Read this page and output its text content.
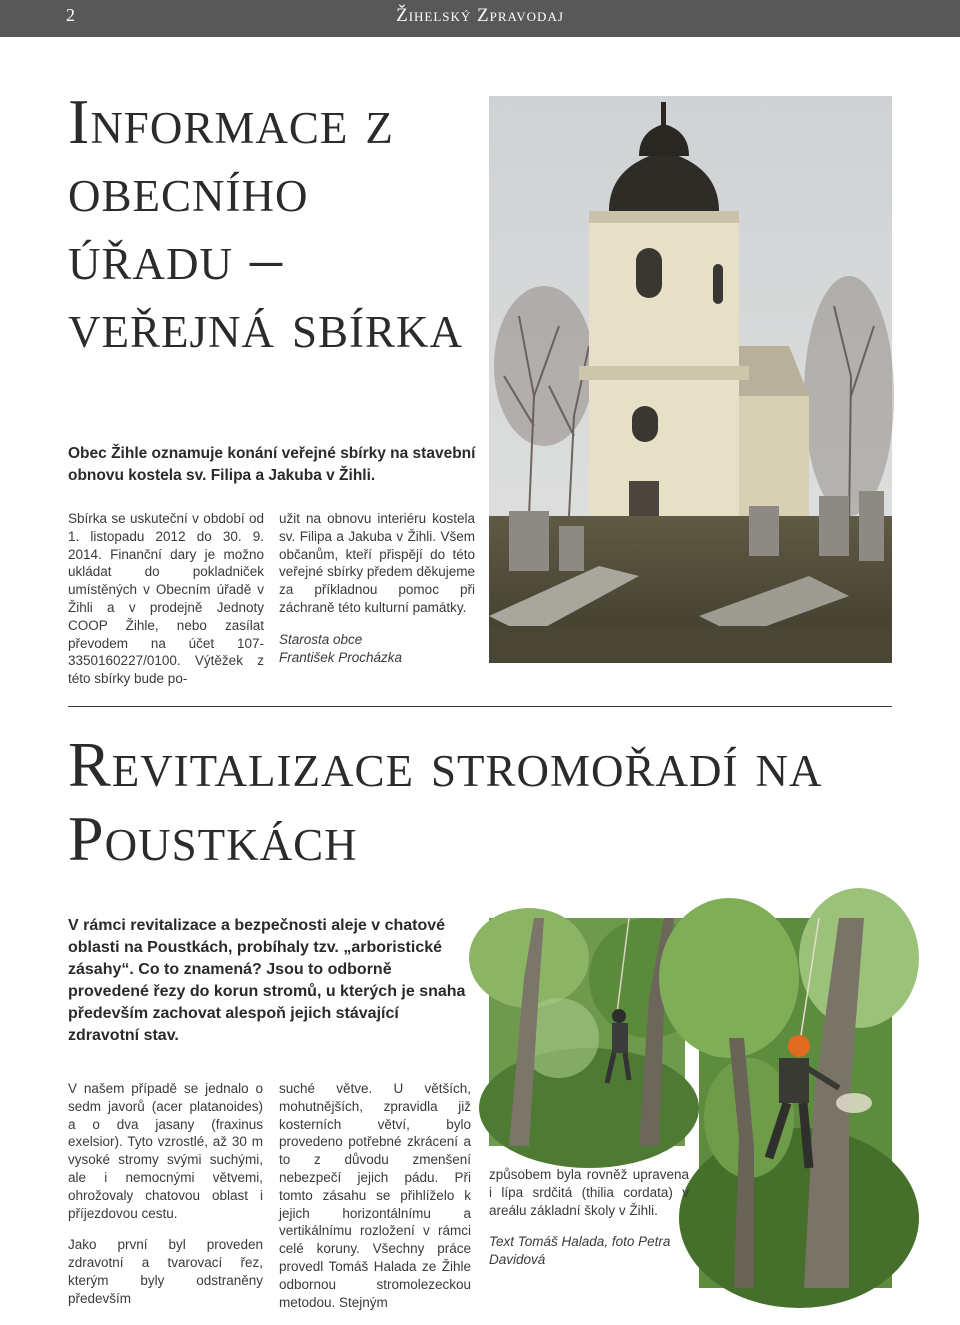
2	Žihelský Zpravodaj
Informace z obecního úřadu – veřejná sbírka

Obec Žihle oznamuje konání veřejné sbírky na stavební obnovu kostela sv. Filipa a Jakuba v Žihli.

Sbírka se uskuteční v období od 1. listopadu 2012 do 30. 9. 2014. Finanční dary je možno ukládat do pokladniček umístěných v Obecním úřadě v Žihli a v prodejně Jednoty COOP Žihle, nebo zasílat převodem na účet 107-3350160227/0100. Výtěžek z této sbírky bude po-

užit na obnovu interiéru kostela sv. Filipa a Jakuba v Žihli. Všem občanům, kteří přispějí do této veřejné sbírky předem děkujeme za příkladnou pomoc při záchraně této kulturní památky.

Starosta obce
František Procházka

Revitalizace stromořadí na Poustkách

V rámci revitalizace a bezpečnosti aleje v chatové oblasti na Poustkách, probíhaly tzv. „arboristické zásahy“. Co to znamená? Jsou to odborně provedené řezy do korun stromů, u kterých je snaha především zachovat alespoň jejich stávající zdravotní stav.

V našem případě se jednalo o sedm javorů (acer platanoides) a o dva jasany (fraxinus exelsior). Tyto vzrostlé, až 30 m vysoké stromy svými suchými, ale i nemocnými větvemi, ohrožovaly chatovou oblast i příjezdovou cestu.

Jako první byl proveden zdravotní a tvarovací řez, kterým byly odstraněny především

suché větve. U větších, mohutnějších, zpravidla již kosterních větví, bylo provedeno potřebné zkrácení a to z důvodu zmenšení nebezpečí jejich pádu. Při tomto zásahu se přihlíželo k jejich horizontálnímu a vertikálnímu rozložení v rámci celé koruny. Všechny práce provedl Tomáš Halada ze Žihle odbornou stromolezeckou metodou. Stejným

způsobem byla rovněž upravena i lípa srdčitá (thilia cordata) v areálu základní školy v Žihli.

Text Tomáš Halada, foto Petra Davidová
